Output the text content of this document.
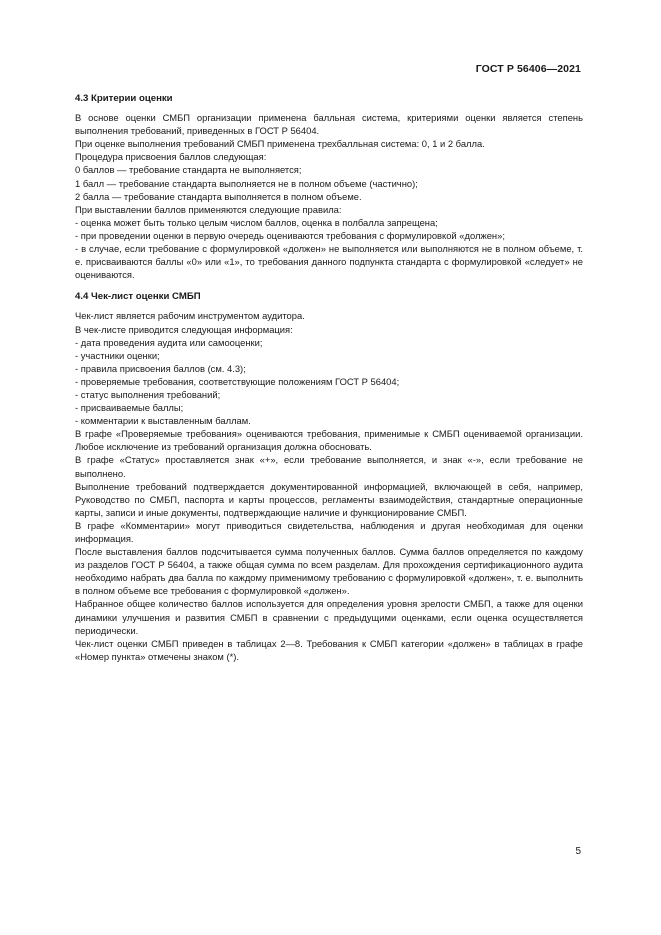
ГОСТ Р 56406—2021
4.3 Критерии оценки

В основе оценки СМБП организации применена балльная система, критериями оценки является степень выполнения требований, приведенных в ГОСТ Р 56404.

При оценке выполнения требований СМБП применена трехбалльная система: 0, 1 и 2 балла.

Процедура присвоения баллов следующая:

0 баллов — требование стандарта не выполняется;

1 балл — требование стандарта выполняется не в полном объеме (частично);

2 балла — требование стандарта выполняется в полном объеме.

При выставлении баллов применяются следующие правила:

- оценка может быть только целым числом баллов, оценка в полбалла запрещена;

- при проведении оценки в первую очередь оцениваются требования с формулировкой «должен»;

- в случае, если требование с формулировкой «должен» не выполняется или выполняются не в полном объеме, т. е. присваиваются баллы «0» или «1», то требования данного подпункта стандарта с формулировкой «следует» не оцениваются.

4.4 Чек-лист оценки СМБП

Чек-лист является рабочим инструментом аудитора.

В чек-листе приводится следующая информация:

- дата проведения аудита или самооценки;

- участники оценки;

- правила присвоения баллов (см. 4.3);

- проверяемые требования, соответствующие положениям ГОСТ Р 56404;

- статус выполнения требований;

- присваиваемые баллы;

- комментарии к выставленным баллам.

В графе «Проверяемые требования» оцениваются требования, применимые к СМБП оцениваемой организации. Любое исключение из требований организация должна обосновать.

В графе «Статус» проставляется знак «+», если требование выполняется, и знак «-», если требование не выполнено.

Выполнение требований подтверждается документированной информацией, включающей в себя, например, Руководство по СМБП, паспорта и карты процессов, регламенты взаимодействия, стандартные операционные карты, записи и иные документы, подтверждающие наличие и функционирование СМБП.

В графе «Комментарии» могут приводиться свидетельства, наблюдения и другая необходимая для оценки информация.

После выставления баллов подсчитывается сумма полученных баллов. Сумма баллов определяется по каждому из разделов ГОСТ Р 56404, а также общая сумма по всем разделам. Для прохождения сертификационного аудита необходимо набрать два балла по каждому применимому требованию с формулировкой «должен», т. е. выполнить в полном объеме все требования с формулировкой «должен».

Набранное общее количество баллов используется для определения уровня зрелости СМБП, а также для оценки динамики улучшения и развития СМБП в сравнении с предыдущими оценками, если оценка осуществляется периодически.

Чек-лист оценки СМБП приведен в таблицах 2—8. Требования к СМБП категории «должен» в таблицах в графе «Номер пункта» отмечены знаком (*).

5
